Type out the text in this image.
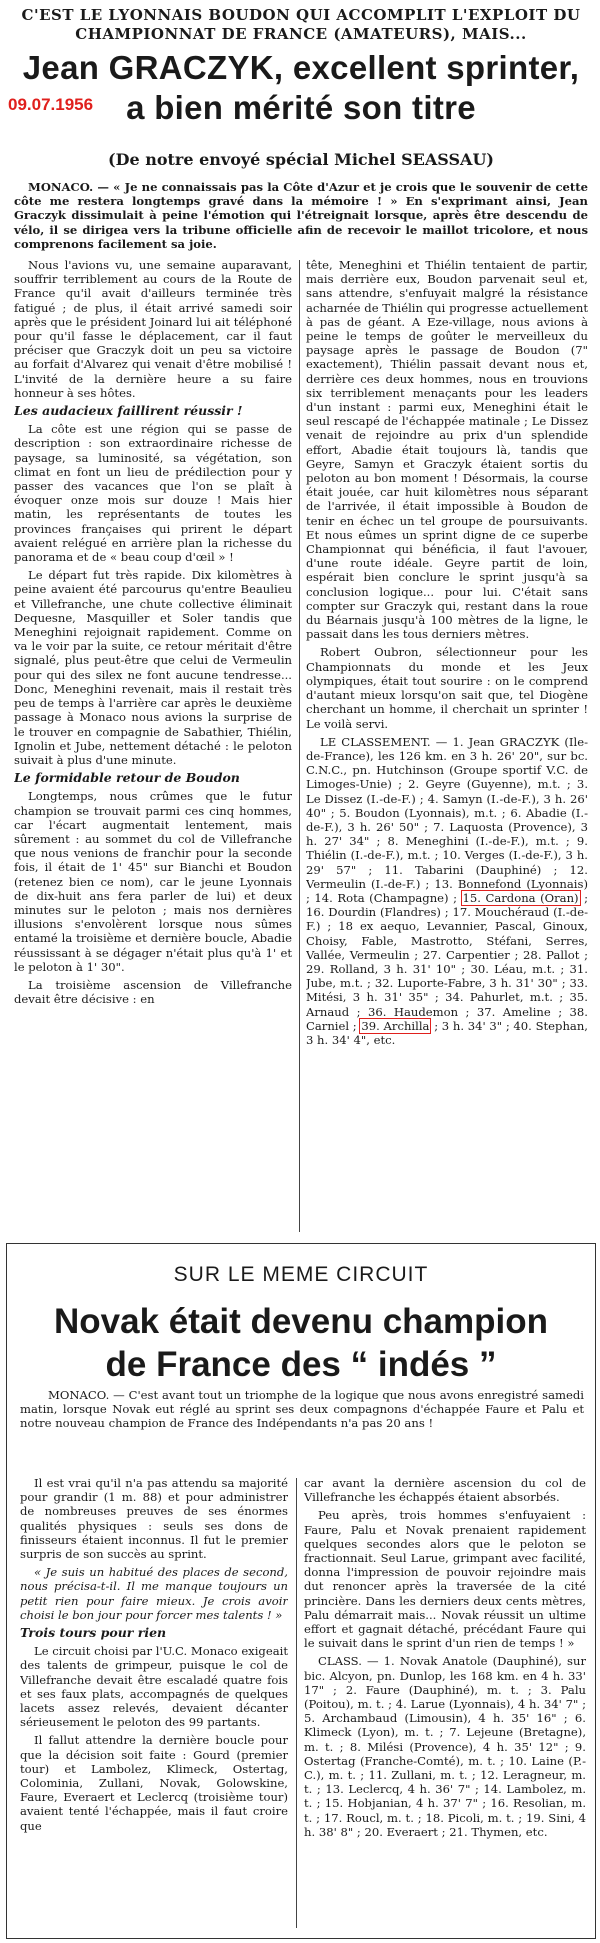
C'EST LE LYONNAIS BOUDON QUI ACCOMPLIT L'EXPLOIT DU CHAMPIONNAT DE FRANCE (AMATEURS), MAIS...
Jean GRACZYK, excellent sprinter,
a bien mérité son titre
09.07.1956
(De notre envoyé spécial Michel SEASSAU)

MONACO. — « Je ne connaissais pas la Côte d'Azur et je crois que le souvenir de cette côte me restera longtemps gravé dans la mémoire ! » En s'exprimant ainsi, Jean Graczyk dissimulait à peine l'émotion qui l'étreignait lorsque, après être descendu de vélo, il se dirigea vers la tribune officielle afin de recevoir le maillot tricolore, et nous comprenons facilement sa joie.

Nous l'avions vu, une semaine auparavant, souffrir terriblement au cours de la Route de France qu'il avait d'ailleurs terminée très fatigué ; de plus, il était arrivé samedi soir après que le président Joinard lui ait téléphoné pour qu'il fasse le déplacement, car il faut préciser que Graczyk doit un peu sa victoire au forfait d'Alvarez qui venait d'être mobilisé ! L'invité de la dernière heure a su faire honneur à ses hôtes.

Les audacieux faillirent réussir !

La côte est une région qui se passe de description : son extraordinaire richesse de paysage, sa luminosité, sa végétation, son climat en font un lieu de prédilection pour y passer des vacances que l'on se plaît à évoquer onze mois sur douze ! Mais hier matin, les représentants de toutes les provinces françaises qui prirent le départ avaient relégué en arrière plan la richesse du panorama et de « beau coup d'œil » !

Le départ fut très rapide. Dix kilomètres à peine avaient été parcourus qu'entre Beaulieu et Villefranche, une chute collective éliminait Dequesne, Masquiller et Soler tandis que Meneghini rejoignait rapidement. Comme on va le voir par la suite, ce retour méritait d'être signalé, plus peut-être que celui de Vermeulin pour qui des silex ne font aucune tendresse... Donc, Meneghini revenait, mais il restait très peu de temps à l'arrière car après le deuxième passage à Monaco nous avions la surprise de le trouver en compagnie de Sabathier, Thiélin, Ignolin et Jube, nettement détaché : le peloton suivait à plus d'une minute.

Le formidable retour de Boudon

Longtemps, nous crûmes que le futur champion se trouvait parmi ces cinq hommes, car l'écart augmentait lentement, mais sûrement : au sommet du col de Villefranche que nous venions de franchir pour la seconde fois, il était de 1' 45" sur Bianchi et Boudon (retenez bien ce nom), car le jeune Lyonnais de dix-huit ans fera parler de lui) et deux minutes sur le peloton ; mais nos dernières illusions s'envolèrent lorsque nous sûmes entamé la troisième et dernière boucle, Abadie réussissant à se dégager n'était plus qu'à 1' et le peloton à 1' 30".

La troisième ascension de Villefranche devait être décisive : en

tête, Meneghini et Thiélin tentaient de partir, mais derrière eux, Boudon parvenait seul et, sans attendre, s'enfuyait malgré la résistance acharnée de Thiélin qui progresse actuellement à pas de géant. A Eze-village, nous avions à peine le temps de goûter le merveilleux du paysage après le passage de Boudon (7" exactement), Thiélin passait devant nous et, derrière ces deux hommes, nous en trouvions six terriblement menaçants pour les leaders d'un instant : parmi eux, Meneghini était le seul rescapé de l'échappée matinale ; Le Dissez venait de rejoindre au prix d'un splendide effort, Abadie était toujours là, tandis que Geyre, Samyn et Graczyk étaient sortis du peloton au bon moment ! Désormais, la course était jouée, car huit kilomètres nous séparant de l'arrivée, il était impossible à Boudon de tenir en échec un tel groupe de poursuivants. Et nous eûmes un sprint digne de ce superbe Championnat qui bénéficia, il faut l'avouer, d'une route idéale. Geyre partit de loin, espérait bien conclure le sprint jusqu'à sa conclusion logique... pour lui. C'était sans compter sur Graczyk qui, restant dans la roue du Béarnais jusqu'à 100 mètres de la ligne, le passait dans les tous derniers mètres.

Robert Oubron, sélectionneur pour les Championnats du monde et les Jeux olympiques, était tout sourire : on le comprend d'autant mieux lorsqu'on sait que, tel Diogène cherchant un homme, il cherchait un sprinter ! Le voilà servi.

LE CLASSEMENT. — 1. Jean GRACZYK (Ile-de-France), les 126 km. en 3 h. 26' 20", sur bc. C.N.C., pn. Hutchinson (Groupe sportif V.C. de Limoges-Unie) ; 2. Geyre (Guyenne), m.t. ; 3. Le Dissez (I.-de-F.) ; 4. Samyn (I.-de-F.), 3 h. 26' 40" ; 5. Boudon (Lyonnais), m.t. ; 6. Abadie (I.-de-F.), 3 h. 26' 50" ; 7. Laquosta (Provence), 3 h. 27' 34" ; 8. Meneghini (I.-de-F.), m.t. ; 9. Thiélin (I.-de-F.), m.t. ; 10. Verges (I.-de-F.), 3 h. 29' 57" ; 11. Tabarini (Dauphiné) ; 12. Vermeulin (I.-de-F.) ; 13. Bonnefond (Lyonnais) ; 14. Rota (Champagne) ; 15. Cardona (Oran) ; 16. Dourdin (Flandres) ; 17. Mouchéraud (I.-de-F.) ; 18 ex aequo, Levannier, Pascal, Ginoux, Choisy, Fable, Mastrotto, Stéfani, Serres, Vallée, Vermeulin ; 27. Carpentier ; 28. Pallot ; 29. Rolland, 3 h. 31' 10" ; 30. Léau, m.t. ; 31. Jube, m.t. ; 32. Luporte-Fabre, 3 h. 31' 30" ; 33. Mitési, 3 h. 31' 35" ; 34. Pahurlet, m.t. ; 35. Arnaud ; 36. Haudemon ; 37. Ameline ; 38. Carniel ; 39. Archilla ; 3 h. 34' 3" ; 40. Stephan, 3 h. 34' 4", etc.

SUR LE MEME CIRCUIT
Novak était devenu champion
de France des “ indés ”

MONACO. — C'est avant tout un triomphe de la logique que nous avons enregistré samedi matin, lorsque Novak eut réglé au sprint ses deux compagnons d'échappée Faure et Palu et notre nouveau champion de France des Indépendants n'a pas 20 ans !

Il est vrai qu'il n'a pas attendu sa majorité pour grandir (1 m. 88) et pour administrer de nombreuses preuves de ses énormes qualités physiques : seuls ses dons de finisseurs étaient inconnus. Il fut le premier surpris de son succès au sprint.

« Je suis un habitué des places de second, nous précisa-t-il. Il me manque toujours un petit rien pour faire mieux. Je crois avoir choisi le bon jour pour forcer mes talents ! »

Trois tours pour rien

Le circuit choisi par l'U.C. Monaco exigeait des talents de grimpeur, puisque le col de Villefranche devait être escaladé quatre fois et ses faux plats, accompagnés de quelques lacets assez relevés, devaient décanter sérieusement le peloton des 99 partants.

Il fallut attendre la dernière boucle pour que la décision soit faite : Gourd (premier tour) et Lambolez, Klimeck, Ostertag, Colominia, Zullani, Novak, Golowskine, Faure, Everaert et Leclercq (troisième tour) avaient tenté l'échappée, mais il faut croire que

car avant la dernière ascension du col de Villefranche les échappés étaient absorbés.

Peu après, trois hommes s'enfuyaient : Faure, Palu et Novak prenaient rapidement quelques secondes alors que le peloton se fractionnait. Seul Larue, grimpant avec facilité, donna l'impression de pouvoir rejoindre mais dut renoncer après la traversée de la cité princière. Dans les derniers deux cents mètres, Palu démarrait mais... Novak réussit un ultime effort et gagnait détaché, précédant Faure qui le suivait dans le sprint d'un rien de temps ! »

CLASS. — 1. Novak Anatole (Dauphiné), sur bic. Alcyon, pn. Dunlop, les 168 km. en 4 h. 33' 17" ; 2. Faure (Dauphiné), m. t. ; 3. Palu (Poitou), m. t. ; 4. Larue (Lyonnais), 4 h. 34' 7" ; 5. Archambaud (Limousin), 4 h. 35' 16" ; 6. Klimeck (Lyon), m. t. ; 7. Lejeune (Bretagne), m. t. ; 8. Milési (Provence), 4 h. 35' 12" ; 9. Ostertag (Franche-Comté), m. t. ; 10. Laine (P.-C.), m. t. ; 11. Zullani, m. t. ; 12. Leragneur, m. t. ; 13. Leclercq, 4 h. 36' 7" ; 14. Lambolez, m. t. ; 15. Hobjanian, 4 h. 37' 7" ; 16. Resolian, m. t. ; 17. Roucl, m. t. ; 18. Picoli, m. t. ; 19. Sini, 4 h. 38' 8" ; 20. Everaert ; 21. Thymen, etc.
